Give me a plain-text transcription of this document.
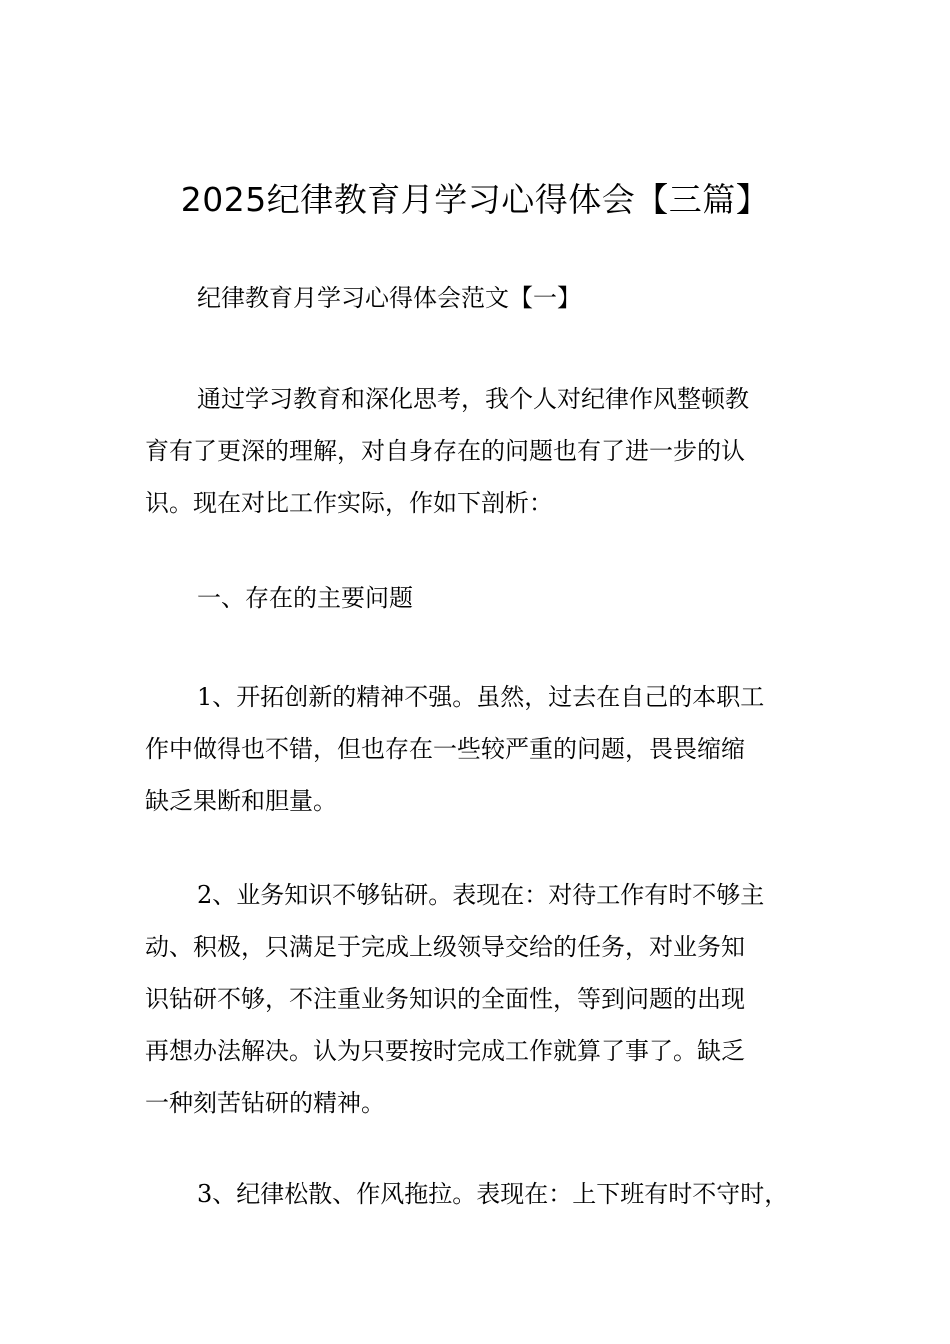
2025纪律教育月学习心得体会【三篇】
纪律教育月学习心得体会范文【一】
通过学习教育和深化思考，我个人对纪律作风整顿教
育有了更深的理解，对自身存在的问题也有了进一步的认
识。现在对比工作实际，作如下剖析：
一、存在的主要问题
1、开拓创新的精神不强。虽然，过去在自己的本职工
作中做得也不错，但也存在一些较严重的问题，畏畏缩缩
缺乏果断和胆量。
2、业务知识不够钻研。表现在：对待工作有时不够主
动、积极，只满足于完成上级领导交给的任务，对业务知
识钻研不够，不注重业务知识的全面性，等到问题的出现
再想办法解决。认为只要按时完成工作就算了事了。缺乏
一种刻苦钻研的精神。
3、纪律松散、作风拖拉。表现在：上下班有时不守时，
